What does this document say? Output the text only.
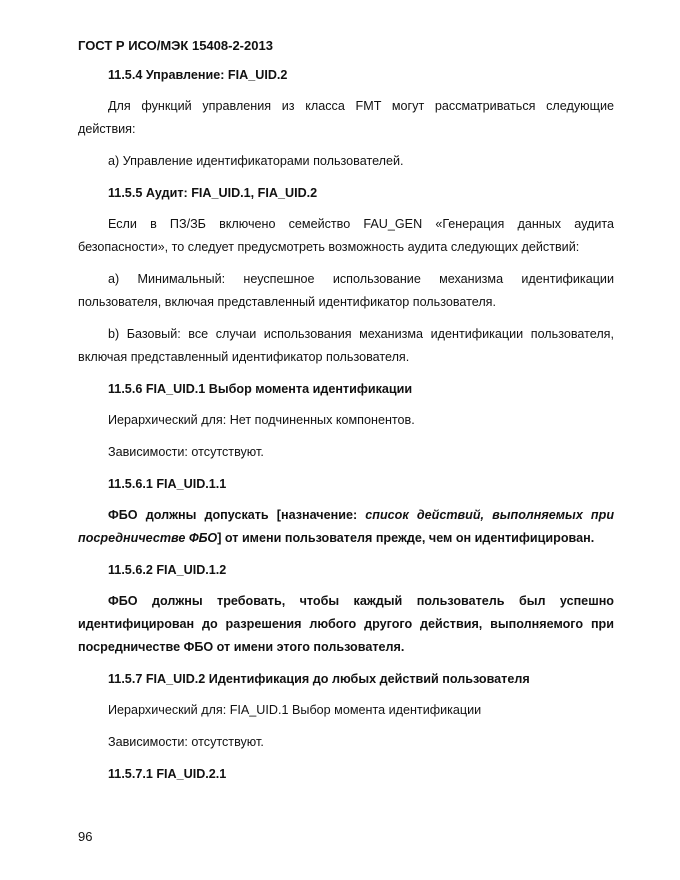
ГОСТ Р ИСО/МЭК 15408-2-2013
11.5.4 Управление: FIA_UID.2

Для функций управления из класса FMT могут рассматриваться следующие действия:

а) Управление идентификаторами пользователей.

11.5.5 Аудит: FIA_UID.1, FIA_UID.2

Если в ПЗ/ЗБ включено семейство FAU_GEN «Генерация данных аудита безопасности», то следует предусмотреть возможность аудита следующих действий:

а) Минимальный: неуспешное использование механизма идентификации пользователя, включая представленный идентификатор пользователя.

b) Базовый: все случаи использования механизма идентификации пользователя, включая представленный идентификатор пользователя.

11.5.6 FIA_UID.1 Выбор момента идентификации

Иерархический для: Нет подчиненных компонентов.

Зависимости: отсутствуют.

11.5.6.1 FIA_UID.1.1

ФБО должны допускать [назначение: список действий, выполняемых при посредничестве ФБО] от имени пользователя прежде, чем он идентифицирован.

11.5.6.2 FIA_UID.1.2

ФБО должны требовать, чтобы каждый пользователь был успешно идентифицирован до разрешения любого другого действия, выполняемого при посредничестве ФБО от имени этого пользователя.

11.5.7 FIA_UID.2 Идентификация до любых действий пользователя

Иерархический для: FIA_UID.1 Выбор момента идентификации

Зависимости: отсутствуют.

11.5.7.1 FIA_UID.2.1
96
